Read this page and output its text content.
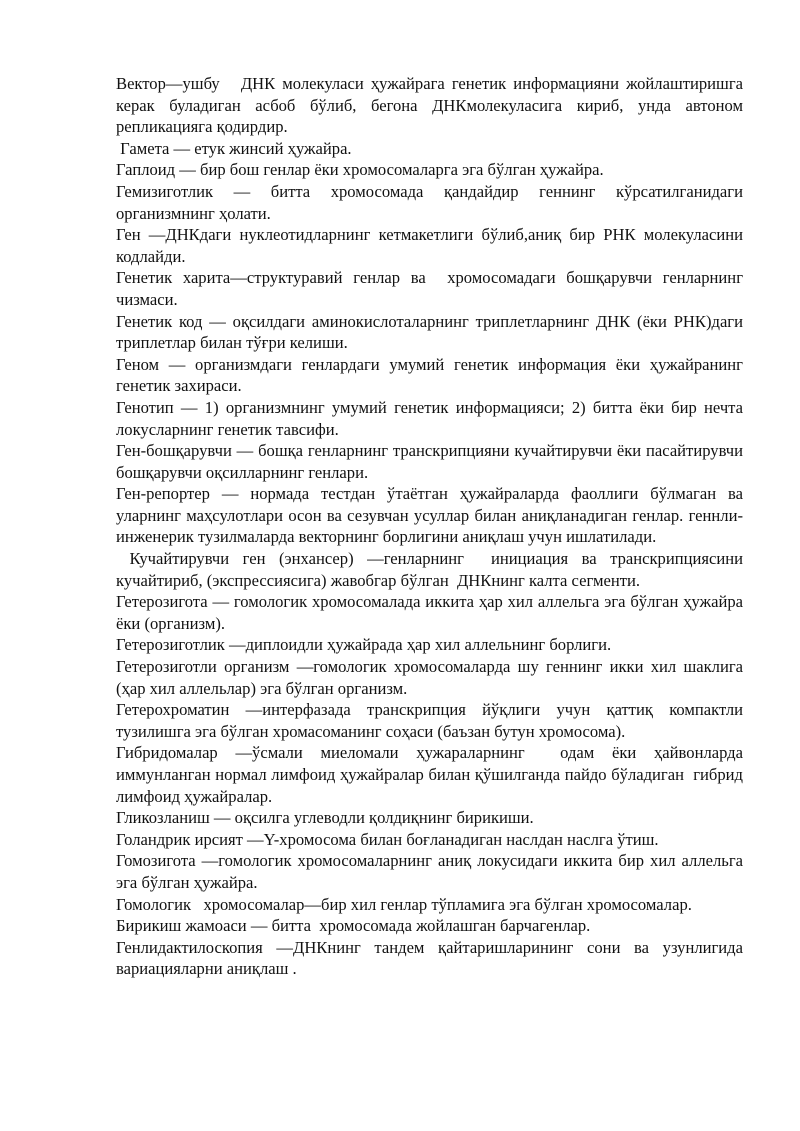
Вектор—ушбу   ДНК молекуласи ҳужайрага генетик информацияни жойлаштиришга керак буладиган асбоб бўлиб, бегона ДНКмолекуласига кириб, унда автоном репликацияга қодирдир.

Гамета — етук жинсий ҳужайра.

Гаплоид — бир бош генлар ёки хромосомаларга эга бўлган ҳужайра.

Гемизиготлик — битта хромосомада қандайдир геннинг кўрсатилганидаги организмнинг ҳолати.

Ген —ДНКдаги нуклеотидларнинг кетмакетлиги бўлиб,аниқ бир РНК молекуласини кодлайди.

Генетик харита—структуравий генлар ва  хромосомадаги бошқарувчи генларнинг чизмаси.

Генетик код — оқсилдаги аминокислоталарнинг триплетларнинг ДНК (ёки РНК)даги триплетлар билан тўғри келиши.

Геном — организмдаги генлардаги умумий генетик информация ёки ҳужайранинг генетик захираси.

Генотип — 1) организмнинг умумий генетик информацияси; 2) битта ёки бир нечта локусларнинг генетик тавсифи.

Ген-бошқарувчи — бошқа генларнинг транскрипцияни кучайтирувчи ёки пасайтирувчи бошқарувчи оқсилларнинг генлари.

Ген-репортер — нормада тестдан ўтаётган ҳужайраларда фаоллиги бўлмаган ва уларнинг маҳсулотлари осон ва сезувчан усуллар билан аниқланадиган генлар. геннли-инженерик тузилмаларда векторнинг борлигини аниқлаш учун ишлатилади.

Кучайтирувчи ген (энхансер) —генларнинг  инициация ва транскрипциясини кучайтириб, (экспрессиясига) жавобгар бўлган  ДНКнинг калта сегменти.

Гетерозигота — гомологик хромосомалада иккита ҳар хил аллельга эга бўлган ҳужайра ёки (организм).

Гетерозиготлик —диплоидли ҳужайрада ҳар хил аллельнинг борлиги.

Гетерозиготли организм —гомологик хромосомаларда шу геннинг икки хил шаклига  (ҳар хил аллельлар) эга бўлган организм.

Гетерохроматин —интерфазада транскрипция йўқлиги учун қаттиқ компактли тузилишга эга бўлган хромасоманинг соҳаси (баъзан бутун хромосома).

Гибридомалар —ўсмали миеломали ҳужараларнинг  одам ёки ҳайвонларда иммунланган нормал лимфоид ҳужайралар билан қўшилганда пайдо бўладиган  гибрид лимфоид ҳужайралар.

Гликозланиш — оқсилга углеводли қолдиқнинг бирикиши.

Голандрик ирсият —Y-хромосома билан боғланадиган наслдан наслга ўтиш.

Гомозигота —гомологик хромосомаларнинг аниқ локусидаги иккита бир хил аллельга эга бўлган ҳужайра.

Гомологик   хромосомалар—бир хил генлар тўпламига эга бўлган хромосомалар.

Бирикиш жамоаси — битта  хромосомада жойлашган барчагенлар.

Генлидактилоскопия —ДНКнинг тандем қайтаришларининг сони ва узунлигида вариацияларни аниқлаш .
